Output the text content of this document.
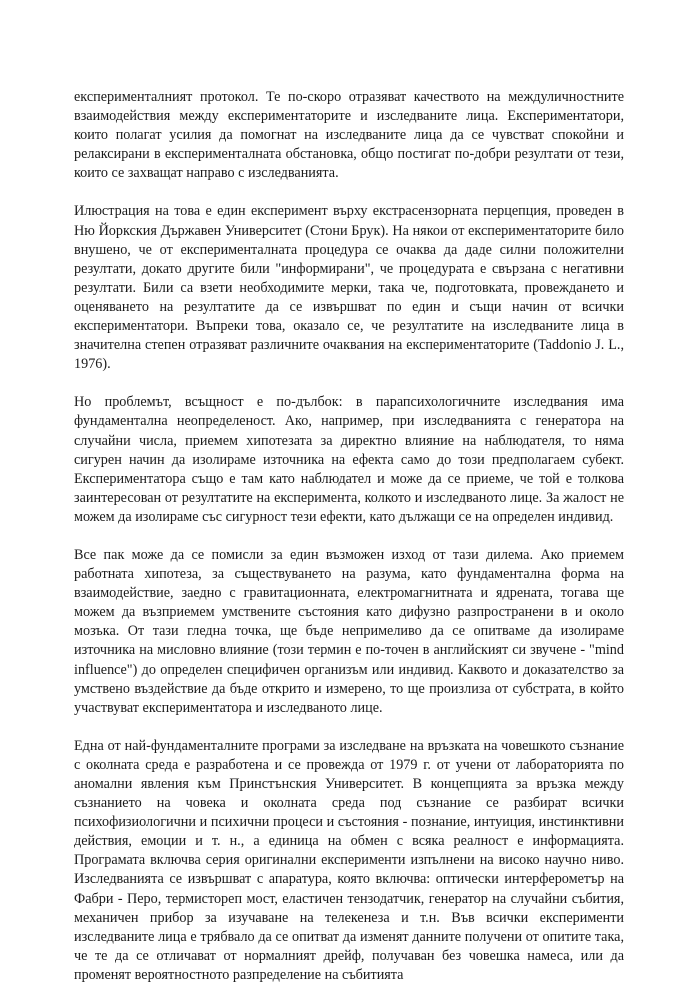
експерименталният протокол. Те по-скоро отразяват качеството на междуличностните взаимодействия между експериментаторите и изследваните лица. Експериментатори, които полагат усилия да помогнат на изследваните лица да се чувстват спокойни и релаксирани в експерименталната обстановка, общо постигат по-добри резултати от тези, които се захващат направо с изследванията.

Илюстрация на това е един експеримент върху екстрасензорната перцепция, проведен в Ню Йоркския Държавен Университет (Стони Брук). На някои от експериментаторите било внушено, че от експерименталната процедура се очаква да даде силни положителни резултати, докато другите били "информирани", че процедурата е свързана с негативни резултати. Били са взети необходимите мерки, така че, подготовката, провеждането и оценяването на резултатите да се извършват по един и същи начин от всички експериментатори. Въпреки това, оказало се, че резултатите на изследваните лица в значителна степен отразяват различните очаквания на експериментаторите (Taddonio J. L., 1976).

Но проблемът, всъщност е по-дълбок: в парапсихологичните изследвания има фундаментална неопределеност. Ако, например, при изследванията с генератора на случайни числа, приемем хипотезата за директно влияние на наблюдателя, то няма сигурен начин да изолираме източника на ефекта само до този предполагаем субект. Експериментатора също е там като наблюдател и може да се приеме, че той е толкова заинтересован от резултатите на експеримента, колкото и изследваното лице. За жалост не можем да изолираме със сигурност тези ефекти, като дължащи се на определен индивид.

Все пак може да се помисли за един възможен изход от тази дилема. Ако приемем работната хипотеза, за съществуването на разума, като фундаментална форма на взаимодействие, заедно с гравитационната, електромагнитната и ядрената, тогава ще можем да възприемем умствените състояния като дифузно разпространени в и около мозъка. От тази гледна точка, ще бъде непримеливо да се опитваме да изолираме източника на мисловно влияние (този термин е по-точен в английският си звучене - "mind influence") до определен специфичен организъм или индивид. Каквото и доказателство за умствено въздействие да бъде открито и измерено, то ще произлиза от субстрата, в който участвуват експериментатора и изследваното лице.

Една от най-фундаменталните програми за изследване на връзката на човешкото съзнание с околната среда е разработена и се провежда от 1979 г. от учени от лабораторията по аномални явления към Принстънския Университет. В концепцията за връзка между съзнанието на човека и околната среда под съзнание се разбират всички психофизиологични и психични процеси и състояния - познание, интуиция, инстинктивни действия, емоции и т. н., а единица на обмен с всяка реалност е информацията. Програмата включва серия оригинални експерименти изпълнени на високо научно ниво. Изследванията се извършват с апаратура, която включва: оптически интерферометър на Фабри - Перо, термистореп мост, еластичен тензодатчик, генератор на случайни събития, механичен прибор за изучаване на телекенеза и т.н. Във всички експерименти изследваните лица е трябвало да се опитват да изменят данните получени от опитите така, че те да се отличават от нормалният дрейф, получаван без човешка намеса, или да променят вероятностното разпределение на събитията
